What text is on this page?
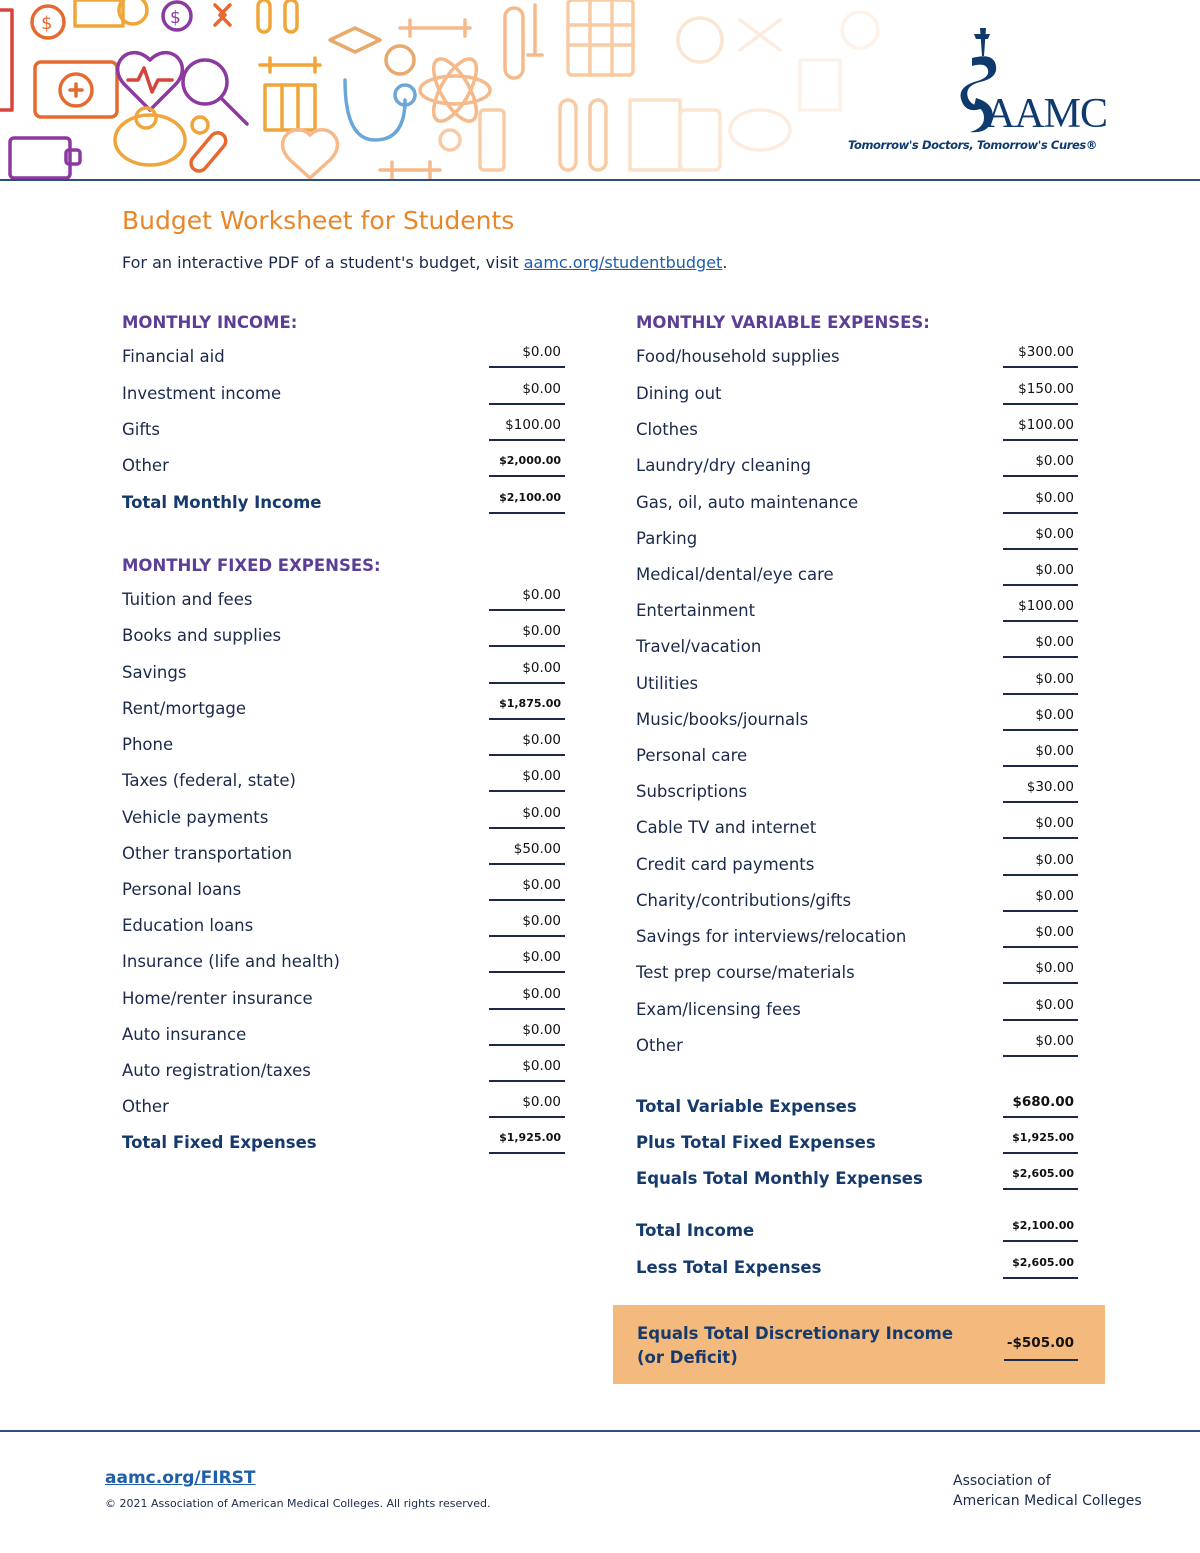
$	$
AAMC
Tomorrow's Doctors, Tomorrow's Cures®
Budget Worksheet for Students
For an interactive PDF of a student's budget, visit aamc.org/studentbudget.
MONTHLY INCOME:
Financial aid	$0.00
Investment income	$0.00
Gifts	$100.00
Other	$2,000.00
Total Monthly Income	$2,100.00
MONTHLY FIXED EXPENSES:
Tuition and fees	$0.00
Books and supplies	$0.00
Savings	$0.00
Rent/mortgage	$1,875.00
Phone	$0.00
Taxes (federal, state)	$0.00
Vehicle payments	$0.00
Other transportation	$50.00
Personal loans	$0.00
Education loans	$0.00
Insurance (life and health)	$0.00
Home/renter insurance	$0.00
Auto insurance	$0.00
Auto registration/taxes	$0.00
Other	$0.00
Total Fixed Expenses	$1,925.00
MONTHLY VARIABLE EXPENSES:
Food/household supplies	$300.00
Dining out	$150.00
Clothes	$100.00
Laundry/dry cleaning	$0.00
Gas, oil, auto maintenance	$0.00
Parking	$0.00
Medical/dental/eye care	$0.00
Entertainment	$100.00
Travel/vacation	$0.00
Utilities	$0.00
Music/books/journals	$0.00
Personal care	$0.00
Subscriptions	$30.00
Cable TV and internet	$0.00
Credit card payments	$0.00
Charity/contributions/gifts	$0.00
Savings for interviews/relocation	$0.00
Test prep course/materials	$0.00
Exam/licensing fees	$0.00
Other	$0.00
Total Variable Expenses	$680.00
Plus Total Fixed Expenses	$1,925.00
Equals Total Monthly Expenses	$2,605.00
Total Income	$2,100.00
Less Total Expenses	$2,605.00
Equals Total Discretionary Income
(or Deficit)
-$505.00
aamc.org/FIRST
© 2021 Association of American Medical Colleges. All rights reserved.
Association of
American Medical Colleges
